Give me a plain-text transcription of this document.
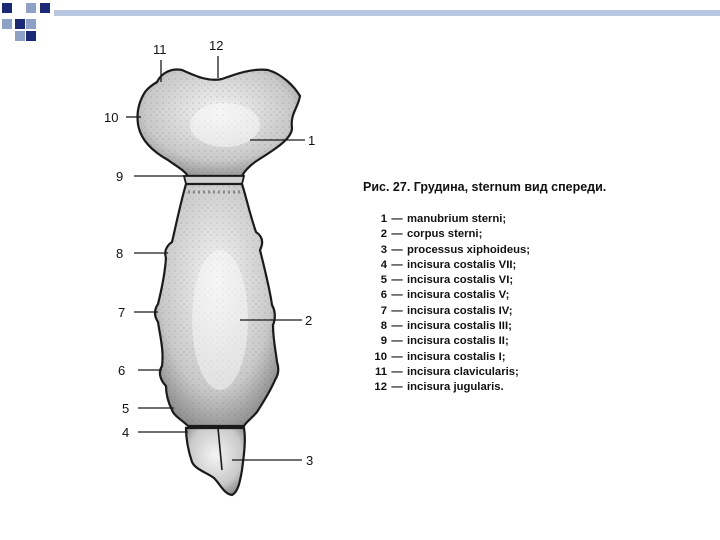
1
2
3
4
5
6
7
8
9
10
11	12
Рис. 27. Грудина, sternum вид спереди.
1 — manubrium sterni;
2 — corpus sterni;
3 — processus xiphoideus;
4 — incisura costalis VII;
5 — incisura costalis VI;
6 — incisura costalis V;
7 — incisura costalis IV;
8 — incisura costalis III;
9 — incisura costalis II;
10 — incisura costalis I;
11 — incisura clavicularis;
12 — incisura jugularis.
